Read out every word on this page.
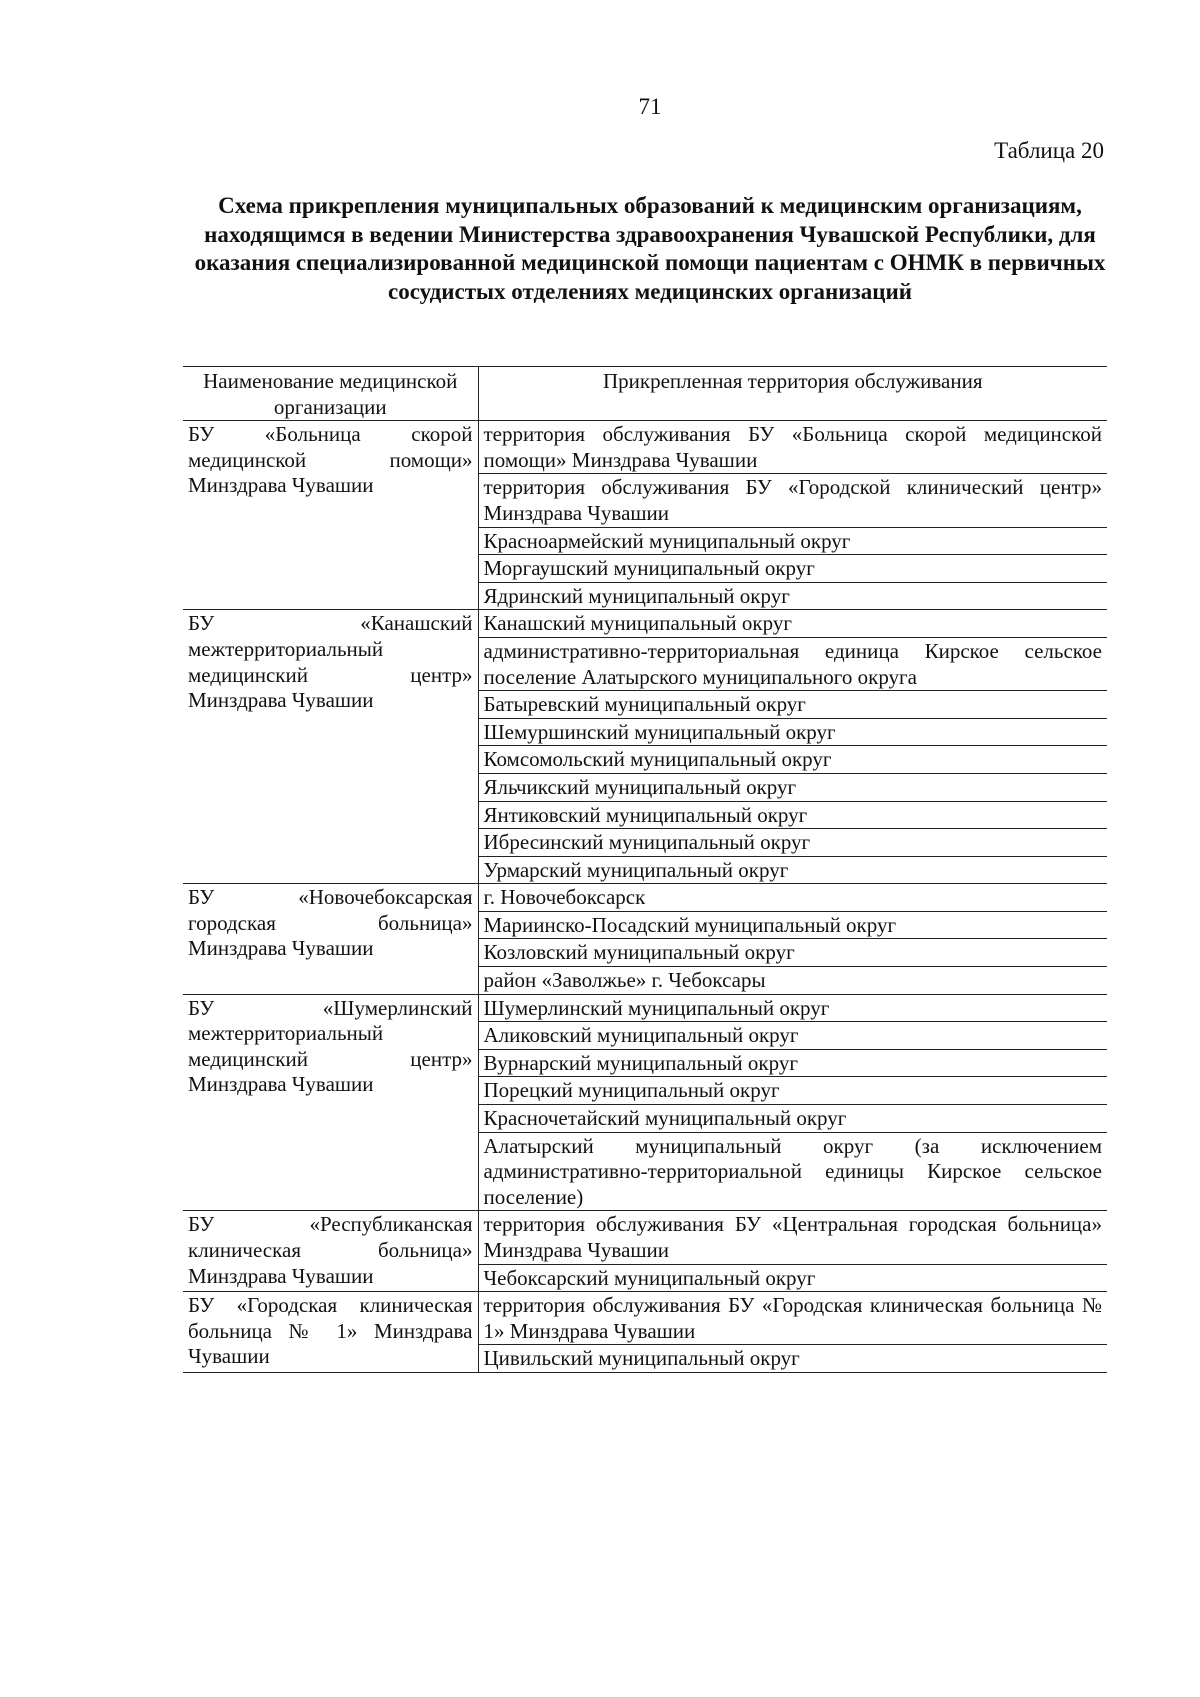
71
Таблица 20
Схема прикрепления муниципальных образований к медицинским организациям, находящимся в ведении Министерства здравоохранения Чувашской Республики, для оказания специализированной медицинской помощи пациентам с ОНМК в первичных сосудистых отделениях медицинских организаций
Наименование медицинской организации	Прикрепленная территория обслуживания

БУ «Больница скорой медицинской помощи» Минздрава Чувашии	территория обслуживания БУ «Больница скорой медицинской помощи» Минздрава Чувашии
	территория обслуживания БУ «Городской клинический центр» Минздрава Чувашии
	Красноармейский муниципальный округ
	Моргаушский муниципальный округ
	Ядринский муниципальный округ

БУ «Канашский межтерриториальный медицинский центр» Минздрава Чувашии	Канашский муниципальный округ
	административно-территориальная единица Кирское сельское поселение Алатырского муниципального округа
	Батыревский муниципальный округ
	Шемуршинский муниципальный округ
	Комсомольский муниципальный округ
	Яльчикский муниципальный округ
	Янтиковский муниципальный округ
	Ибресинский муниципальный округ
	Урмарский муниципальный округ

БУ «Новочебоксарская городская больница» Минздрава Чувашии	г. Новочебоксарск
	Мариинско-Посадский муниципальный округ
	Козловский муниципальный округ
	район «Заволжье» г. Чебоксары

БУ «Шумерлинский межтерриториальный медицинский центр» Минздрава Чувашии	Шумерлинский муниципальный округ
	Аликовский муниципальный округ
	Вурнарский муниципальный округ
	Порецкий муниципальный округ
	Красночетайский муниципальный округ
	Алатырский муниципальный округ (за исключением административно-территориальной единицы Кирское сельское поселение)

БУ «Республиканская клиническая больница» Минздрава Чувашии	территория обслуживания БУ «Центральная городская больница» Минздрава Чувашии
	Чебоксарский муниципальный округ

БУ «Городская клиническая больница № 1» Минздрава Чувашии	территория обслуживания БУ «Городская клиническая больница № 1» Минздрава Чувашии
	Цивильский муниципальный округ
